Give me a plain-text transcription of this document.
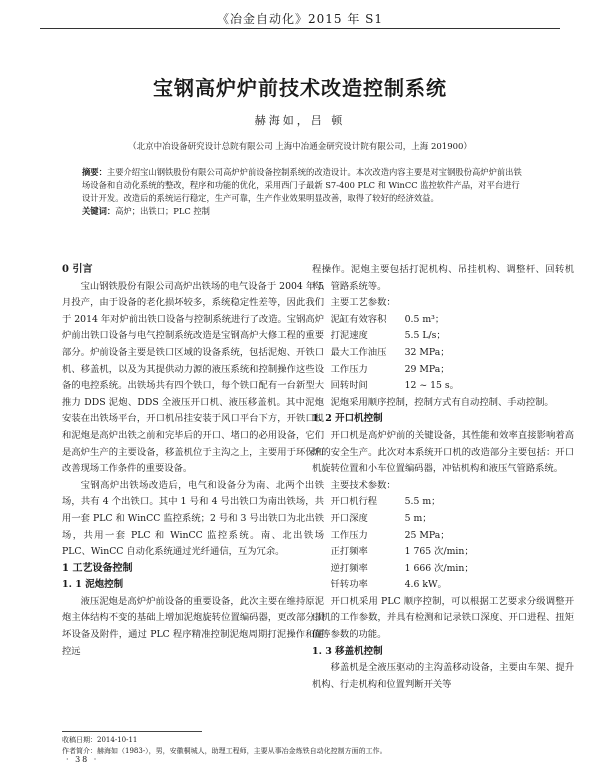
《冶金自动化》2015 年 S1
宝钢高炉炉前技术改造控制系统
赫海如，吕 顿
（北京中冶设备研究设计总院有限公司 上海中冶通金研究设计院有限公司，上海 201900）
摘要：主要介绍宝山钢铁股份有限公司高炉炉前设备控制系统的改造设计。本次改造内容主要是对宝钢股份高炉炉前出铁场设备和自动化系统的整改，程序和功能的优化，采用西门子最新 S7-400 PLC 和 WinCC 监控软件产品，对平台进行设计开发。改造后的系统运行稳定，生产可靠，生产作业效果明显改善，取得了较好的经济效益。
关键词：高炉；出铁口；PLC 控制

0 引言

宝山钢铁股份有限公司高炉出铁场的电气设备于 2004 年 5 月投产，由于设备的老化损坏较多，系统稳定性差等，因此我们于 2014 年对炉前出铁口设备与控制系统进行了改造。宝钢高炉炉前出铁口设备与电气控制系统改造是宝钢高炉大修工程的重要部分。炉前设备主要是铁口区域的设备系统，包括泥炮、开铁口机、移盖机，以及为其提供动力源的液压系统和控制操作这些设备的电控系统。出铁场共有四个铁口，每个铁口配有一台新型大推力 DDS 泥炮、DDS 全液压开口机、液压移盖机。其中泥炮安装在出铁场平台，开口机吊挂安装于风口平台下方，开铁口机和泥炮是高炉出铁之前和完毕后的开口、堵口的必用设备，它们是高炉生产的主要设备，移盖机位于主沟之上，主要用于环保和改善现场工作条件的重要设备。

宝钢高炉出铁场改造后，电气和设备分为南、北两个出铁场，共有 4 个出铁口。其中 1 号和 4 号出铁口为南出铁场，共用一套 PLC 和 WinCC 监控系统；2 号和 3 号出铁口为北出铁场，共用一套 PLC 和 WinCC 监控系统。南、北出铁场 PLC、WinCC 自动化系统通过光纤通信，互为冗余。

1 工艺设备控制

1. 1 泥炮控制

液压泥炮是高炉炉前设备的重要设备，此次主要在维持原泥炮主体结构不变的基础上增加泥炮旋转位置编码器，更改部分损坏设备及附件，通过 PLC 程序精准控制泥炮周期打泥操作和通控远

程操作。泥炮主要包括打泥机构、吊挂机构、调整杆、回转机构、管路系统等。

主要工艺参数：

泥缸有效容积	0.5 m³；
打泥速度	5.5 L/s；
最大工作油压	32 MPa；
工作压力	29 MPa；
回转时间	12 ~ 15 s。

泥炮采用顺序控制，控制方式有自动控制、手动控制。

1. 2 开口机控制

开口机是高炉炉前的关键设备，其性能和效率直接影响着高炉的安全生产。此次对本系统开口机的改造部分主要包括：开口机旋转位置和小车位置编码器，冲钻机构和液压气管路系统。

主要技术参数：

开口机行程	5.5 m；
开口深度	5 m；
工作压力	25 MPa；
正打频率	1 765 次/min；
逆打频率	1 666 次/min；
钎转功率	4.6 kW。

开口机采用 PLC 顺序控制，可以根据工艺要求分级调整开口机的工作参数，并具有检测和记录铁口深度、开口进程、扭矩值等参数的功能。

1. 3 移盖机控制

移盖机是全液压驱动的主沟盖移动设备，主要由车架、提升机构、行走机构和位置判断开关等

收稿日期：2014-10-11
作者简介：赫海如（1983-），男，安徽桐城人，助理工程师，主要从事冶金炼铁自动化控制方面的工作。
· 38 ·
